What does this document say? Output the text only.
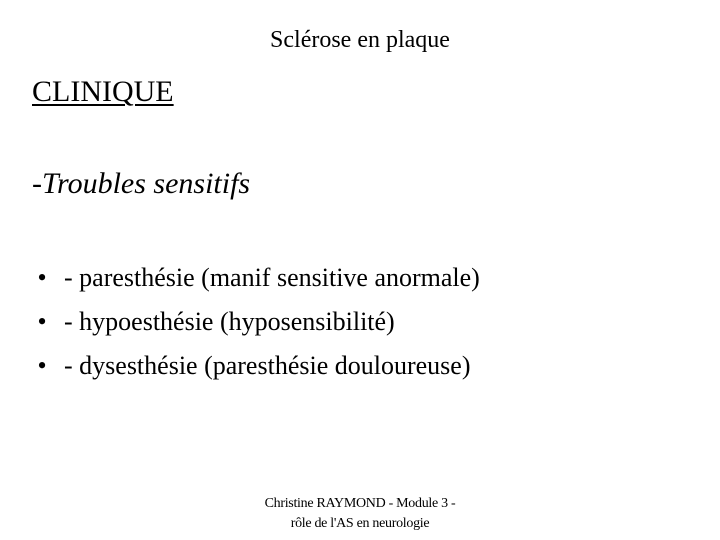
Sclérose en plaque
CLINIQUE
-Troubles sensitifs
• - paresthésie (manif sensitive anormale)
• - hypoesthésie (hyposensibilité)
• - dysesthésie (paresthésie douloureuse)
Christine RAYMOND - Module 3 -
rôle de l'AS en neurologie
